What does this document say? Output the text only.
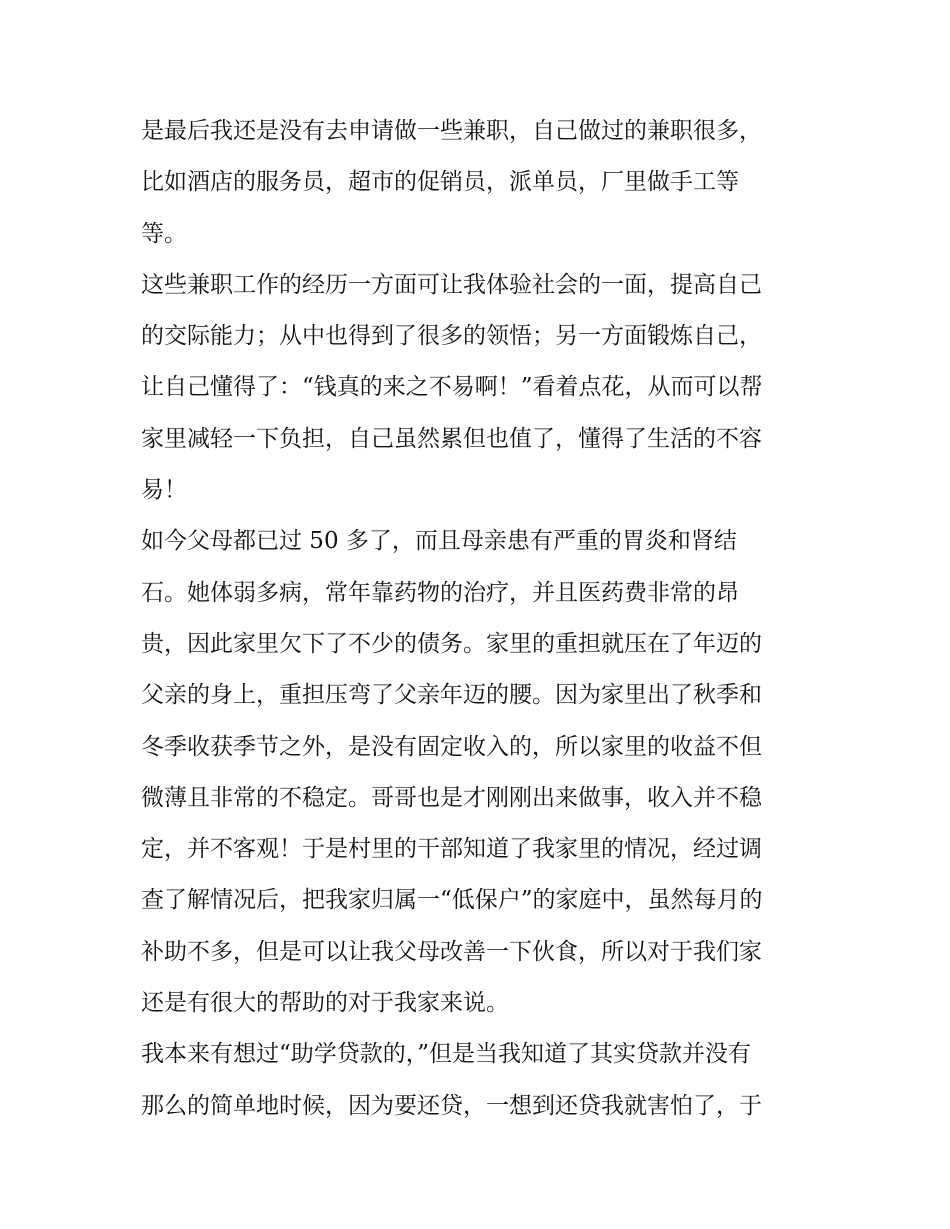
是最后我还是没有去申请做一些兼职，自己做过的兼职很多，

比如酒店的服务员，超市的促销员，派单员，厂里做手工等

等。

这些兼职工作的经历一方面可让我体验社会的一面，提高自己

的交际能力；从中也得到了很多的领悟；另一方面锻炼自己，

让自己懂得了：“钱真的来之不易啊！”看着点花，从而可以帮

家里减轻一下负担，自己虽然累但也值了，懂得了生活的不容

易！

如今父母都已过 50 多了，而且母亲患有严重的胃炎和肾结

石。她体弱多病，常年靠药物的治疗，并且医药费非常的昂

贵，因此家里欠下了不少的债务。家里的重担就压在了年迈的

父亲的身上，重担压弯了父亲年迈的腰。因为家里出了秋季和

冬季收获季节之外，是没有固定收入的，所以家里的收益不但

微薄且非常的不稳定。哥哥也是才刚刚出来做事，收入并不稳

定，并不客观！于是村里的干部知道了我家里的情况，经过调

查了解情况后，把我家归属一“低保户”的家庭中，虽然每月的

补助不多，但是可以让我父母改善一下伙食，所以对于我们家

还是有很大的帮助的对于我家来说。

我本来有想过“助学贷款的，”但是当我知道了其实贷款并没有

那么的简单地时候，因为要还贷，一想到还贷我就害怕了，于
